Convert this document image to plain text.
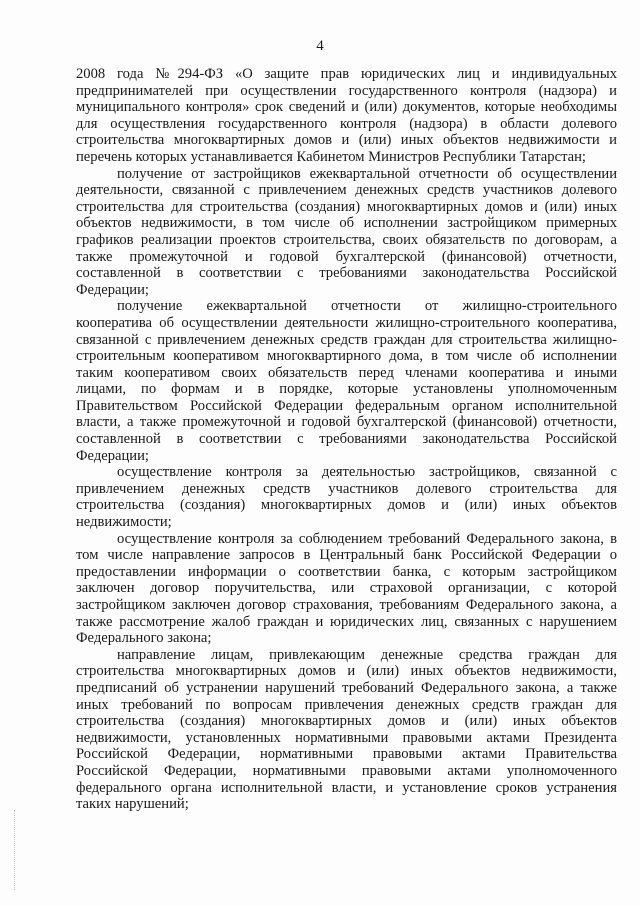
4
2008 года №294-ФЗ «О защите прав юридических лиц и индивидуальных
предпринимателей при осуществлении государственного контроля (надзора) и
муниципального контроля» срок сведений и (или) документов, которые необходимы
для осуществления государственного контроля (надзора) в области долевого
строительства многоквартирных домов и (или) иных объектов недвижимости и
перечень которых устанавливается Кабинетом Министров Республики Татарстан;
получение от застройщиков ежеквартальной отчетности об осуществлении
деятельности, связанной с привлечением денежных средств участников долевого
строительства для строительства (создания) многоквартирных домов и (или) иных
объектов недвижимости, в том числе об исполнении застройщиком примерных
графиков реализации проектов строительства, своих обязательств по договорам, а
также промежуточной и годовой бухгалтерской (финансовой) отчетности,
составленной в соответствии с требованиями законодательства Российской
Федерации;
получение ежеквартальной отчетности от жилищно-строительного
кооператива об осуществлении деятельности жилищно-строительного кооператива,
связанной с привлечением денежных средств граждан для строительства жилищно-
строительным кооперативом многоквартирного дома, в том числе об исполнении
таким кооперативом своих обязательств перед членами кооператива и иными
лицами, по формам и в порядке, которые установлены уполномоченным
Правительством Российской Федерации федеральным органом исполнительной
власти, а также промежуточной и годовой бухгалтерской (финансовой) отчетности,
составленной в соответствии с требованиями законодательства Российской
Федерации;
осуществление контроля за деятельностью застройщиков, связанной с
привлечением денежных средств участников долевого строительства для
строительства (создания) многоквартирных домов и (или) иных объектов
недвижимости;
осуществление контроля за соблюдением требований Федерального закона, в
том числе направление запросов в Центральный банк Российской Федерации о
предоставлении информации о соответствии банка, с которым застройщиком
заключен договор поручительства, или страховой организации, с которой
застройщиком заключен договор страхования, требованиям Федерального закона, а
также рассмотрение жалоб граждан и юридических лиц, связанных с нарушением
Федерального закона;
направление лицам, привлекающим денежные средства граждан для
строительства многоквартирных домов и (или) иных объектов недвижимости,
предписаний об устранении нарушений требований Федерального закона, а также
иных требований по вопросам привлечения денежных средств граждан для
строительства (создания) многоквартирных домов и (или) иных объектов
недвижимости, установленных нормативными правовыми актами Президента
Российской Федерации, нормативными правовыми актами Правительства
Российской Федерации, нормативными правовыми актами уполномоченного
федерального органа исполнительной власти, и установление сроков устранения
таких нарушений;
